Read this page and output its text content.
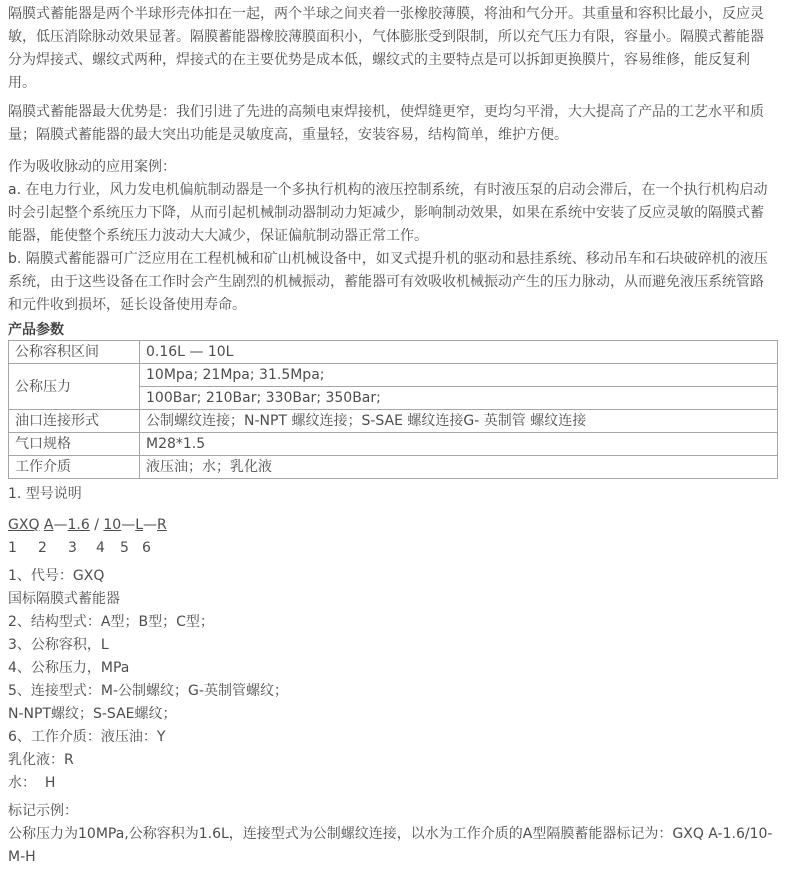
隔膜式蓄能器是两个半球形壳体扣在一起，两个半球之间夹着一张橡胶薄膜，将油和气分开。其重量和容积比最小，反应灵敏，低压消除脉动效果显著。隔膜蓄能器橡胶薄膜面积小，气体膨胀受到限制，所以充气压力有限，容量小。隔膜式蓄能器分为焊接式、螺纹式两种，焊接式的在主要优势是成本低，螺纹式的主要特点是可以拆卸更换膜片，容易维修，能反复利用。

隔膜式蓄能器最大优势是：我们引进了先进的高频电束焊接机，使焊缝更窄，更均匀平滑，大大提高了产品的工艺水平和质量；隔膜式蓄能器的最大突出功能是灵敏度高，重量轻，安装容易，结构简单，维护方便。

作为吸收脉动的应用案例：

a. 在电力行业，风力发电机偏航制动器是一个多执行机构的液压控制系统，有时液压泵的启动会滞后，在一个执行机构启动时会引起整个系统压力下降，从而引起机械制动器制动力矩减少，影响制动效果，如果在系统中安装了反应灵敏的隔膜式蓄能器，能使整个系统压力波动大大减少，保证偏航制动器正常工作。

b. 隔膜式蓄能器可广泛应用在工程机械和矿山机械设备中，如叉式提升机的驱动和悬挂系统、移动吊车和石块破碎机的液压系统，由于这些设备在工作时会产生剧烈的机械振动，蓄能器可有效吸收机械振动产生的压力脉动，从而避免液压系统管路和元件收到损坏，延长设备使用寿命。

产品参数

公称容积区间	0.16L — 10L
公称压力	10Mpa; 21Mpa; 31.5Mpa;
	100Bar; 210Bar; 330Bar; 350Bar;
油口连接形式	公制螺纹连接；N-NPT 螺纹连接；S-SAE 螺纹连接G- 英制管 螺纹连接
气口规格	M28*1.5
工作介质	液压油；水；乳化液

1. 型号说明

GXQ A—1.6 / 10—L—R

1 2 3 4 5 6
1、代号：GXQ
国标隔膜式蓄能器
2、结构型式：A型；B型；C型；
3、公称容积，L
4、公称压力，MPa
5、连接型式：M-公制螺纹；G-英制管螺纹；
N-NPT螺纹；S-SAE螺纹；
6、工作介质：液压油：Y
乳化液：R
水：  H

标记示例：

公称压力为10MPa,公称容积为1.6L，连接型式为公制螺纹连接，以水为工作介质的A型隔膜蓄能器标记为：GXQ A-1.6/10-M-H
